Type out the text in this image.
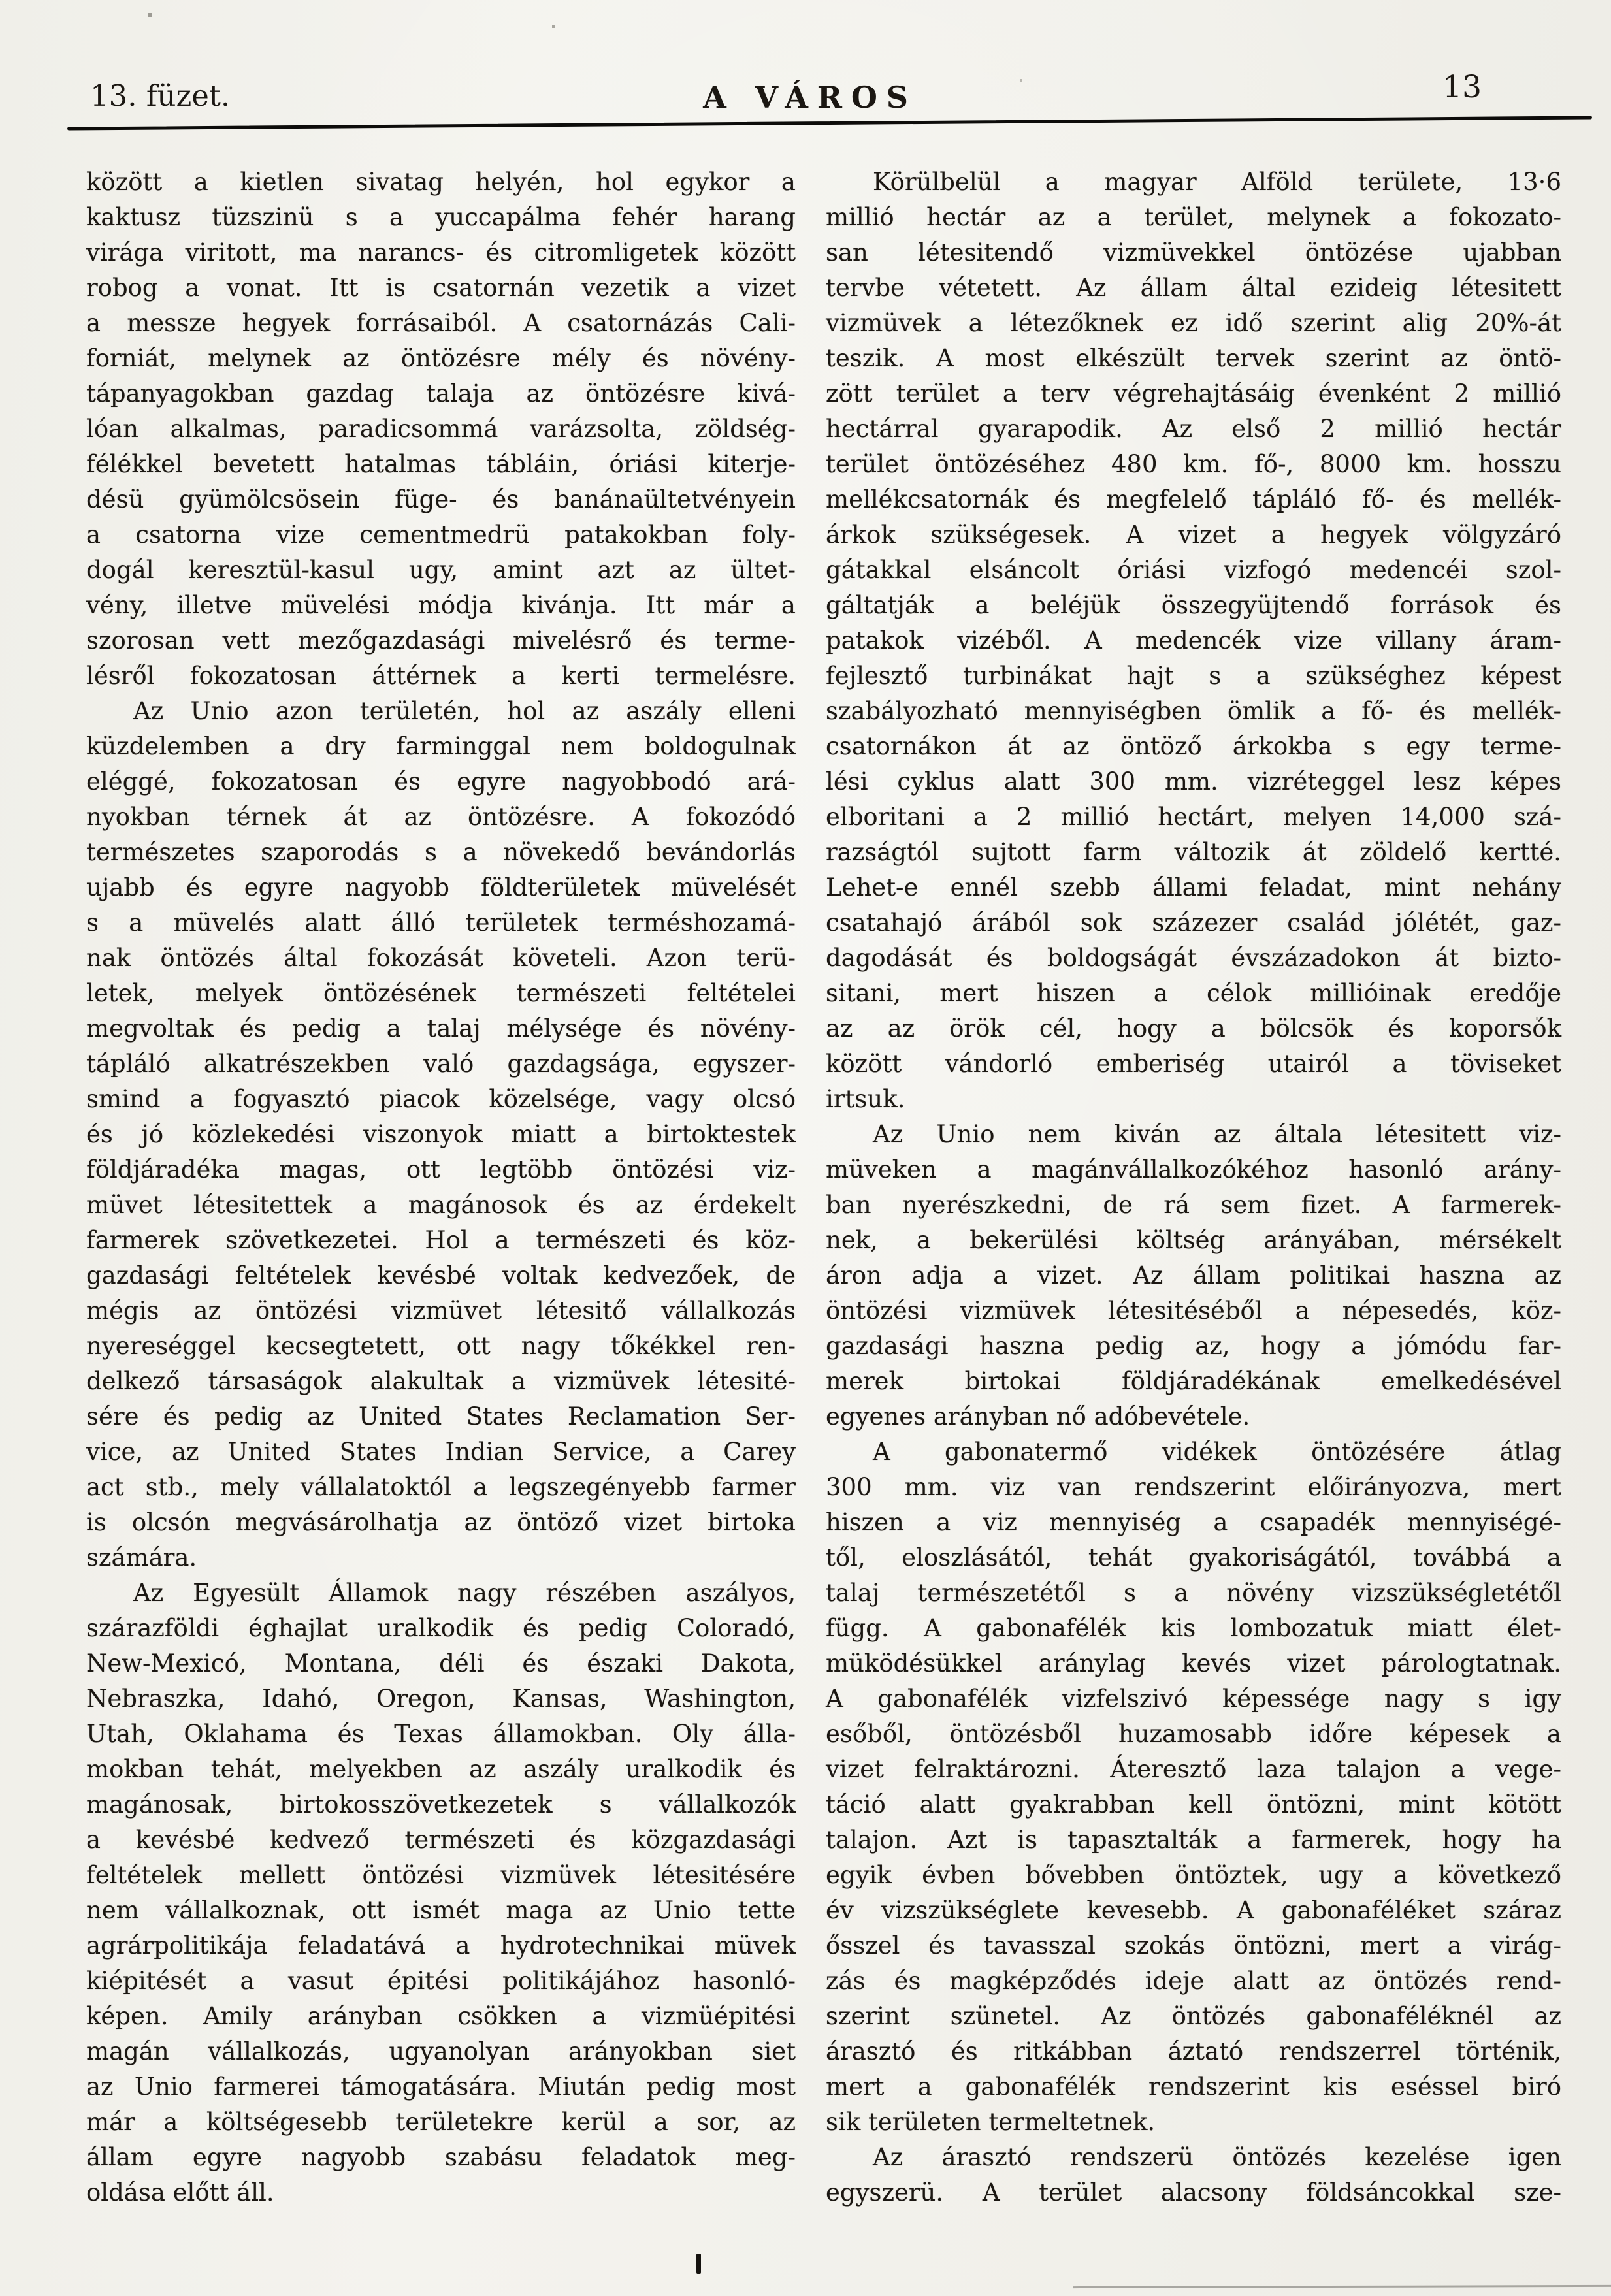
13. füzet.	A VÁROS	13
között a kietlen sivatag helyén, hol egykor a
kaktusz tüzszinü s a yuccapálma fehér harang
virága viritott, ma narancs- és citromligetek között
robog a vonat. Itt is csatornán vezetik a vizet
a messze hegyek forrásaiból. A csatornázás Cali-
forniát, melynek az öntözésre mély és növény-
tápanyagokban gazdag talaja az öntözésre kivá-
lóan alkalmas, paradicsommá varázsolta, zöldség-
félékkel bevetett hatalmas tábláin, óriási kiterje-
désü gyümölcsösein füge- és banánaültetvényein
a csatorna vize cementmedrü patakokban foly-
dogál keresztül-kasul ugy, amint azt az ültet-
vény, illetve müvelési módja kivánja. Itt már a
szorosan vett mezőgazdasági mivelésrő és terme-
lésről fokozatosan áttérnek a kerti termelésre.
Az Unio azon területén, hol az aszály elleni
küzdelemben a dry farminggal nem boldogulnak
eléggé, fokozatosan és egyre nagyobbodó ará-
nyokban térnek át az öntözésre. A fokozódó
természetes szaporodás s a növekedő bevándorlás
ujabb és egyre nagyobb földterületek müvelését
s a müvelés alatt álló területek terméshozamá-
nak öntözés által fokozását követeli. Azon terü-
letek, melyek öntözésének természeti feltételei
megvoltak és pedig a talaj mélysége és növény-
tápláló alkatrészekben való gazdagsága, egyszer-
smind a fogyasztó piacok közelsége, vagy olcsó
és jó közlekedési viszonyok miatt a birtoktestek
földjáradéka magas, ott legtöbb öntözési viz-
müvet létesitettek a magánosok és az érdekelt
farmerek szövetkezetei. Hol a természeti és köz-
gazdasági feltételek kevésbé voltak kedvezőek, de
mégis az öntözési vizmüvet létesitő vállalkozás
nyereséggel kecsegtetett, ott nagy tőkékkel ren-
delkező társaságok alakultak a vizmüvek létesité-
sére és pedig az United States Reclamation Ser-
vice, az United States Indian Service, a Carey
act stb., mely vállalatoktól a legszegényebb farmer
is olcsón megvásárolhatja az öntöző vizet birtoka
számára.
Az Egyesült Államok nagy részében aszályos,
szárazföldi éghajlat uralkodik és pedig Coloradó,
New-Mexicó, Montana, déli és északi Dakota,
Nebraszka, Idahó, Oregon, Kansas, Washington,
Utah, Oklahama és Texas államokban. Oly álla-
mokban tehát, melyekben az aszály uralkodik és
magánosak, birtokosszövetkezetek s vállalkozók
a kevésbé kedvező természeti és közgazdasági
feltételek mellett öntözési vizmüvek létesitésére
nem vállalkoznak, ott ismét maga az Unio tette
agrárpolitikája feladatává a hydrotechnikai müvek
kiépitését a vasut épitési politikájához hasonló-
képen. Amily arányban csökken a vizmüépitési
magán vállalkozás, ugyanolyan arányokban siet
az Unio farmerei támogatására. Miután pedig most
már a költségesebb területekre kerül a sor, az
állam egyre nagyobb szabásu feladatok meg-
oldása előtt áll.
Körülbelül a magyar Alföld területe, 13·6
millió hectár az a terület, melynek a fokozato-
san létesitendő vizmüvekkel öntözése ujabban
tervbe vétetett. Az állam által ezideig létesitett
vizmüvek a létezőknek ez idő szerint alig 20%-át
teszik. A most elkészült tervek szerint az öntö-
zött terület a terv végrehajtásáig évenként 2 millió
hectárral gyarapodik. Az első 2 millió hectár
terület öntözéséhez 480 km. fő-, 8000 km. hosszu
mellékcsatornák és megfelelő tápláló fő- és mellék-
árkok szükségesek. A vizet a hegyek völgyzáró
gátakkal elsáncolt óriási vizfogó medencéi szol-
gáltatják a beléjük összegyüjtendő források és
patakok vizéből. A medencék vize villany áram-
fejlesztő turbinákat hajt s a szükséghez képest
szabályozható mennyiségben ömlik a fő- és mellék-
csatornákon át az öntöző árkokba s egy terme-
lési cyklus alatt 300 mm. vizréteggel lesz képes
elboritani a 2 millió hectárt, melyen 14,000 szá-
razságtól sujtott farm változik át zöldelő kertté.
Lehet-e ennél szebb állami feladat, mint nehány
csatahajó árából sok százezer család jólétét, gaz-
dagodását és boldogságát évszázadokon át bizto-
sitani, mert hiszen a célok millióinak eredője
az az örök cél, hogy a bölcsök és koporsók
között vándorló emberiség utairól a töviseket
irtsuk.
Az Unio nem kiván az általa létesitett viz-
müveken a magánvállalkozókéhoz hasonló arány-
ban nyerészkedni, de rá sem fizet. A farmerek-
nek, a bekerülési költség arányában, mérsékelt
áron adja a vizet. Az állam politikai haszna az
öntözési vizmüvek létesitéséből a népesedés, köz-
gazdasági haszna pedig az, hogy a jómódu far-
merek birtokai földjáradékának emelkedésével
egyenes arányban nő adóbevétele.
A gabonatermő vidékek öntözésére átlag
300 mm. viz van rendszerint előirányozva, mert
hiszen a viz mennyiség a csapadék mennyiségé-
től, eloszlásától, tehát gyakoriságától, továbbá a
talaj természetétől s a növény vizszükségletétől
függ. A gabonafélék kis lombozatuk miatt élet-
müködésükkel aránylag kevés vizet párologtatnak.
A gabonafélék vizfelszivó képessége nagy s igy
esőből, öntözésből huzamosabb időre képesek a
vizet felraktározni. Áteresztő laza talajon a vege-
táció alatt gyakrabban kell öntözni, mint kötött
talajon. Azt is tapasztalták a farmerek, hogy ha
egyik évben bővebben öntöztek, ugy a következő
év vizszükséglete kevesebb. A gabonaféléket száraz
ősszel és tavasszal szokás öntözni, mert a virág-
zás és magképződés ideje alatt az öntözés rend-
szerint szünetel. Az öntözés gabonaféléknél az
árasztó és ritkábban áztató rendszerrel történik,
mert a gabonafélék rendszerint kis eséssel biró
sik területen termeltetnek.
Az árasztó rendszerü öntözés kezelése igen
egyszerü. A terület alacsony földsáncokkal sze-
